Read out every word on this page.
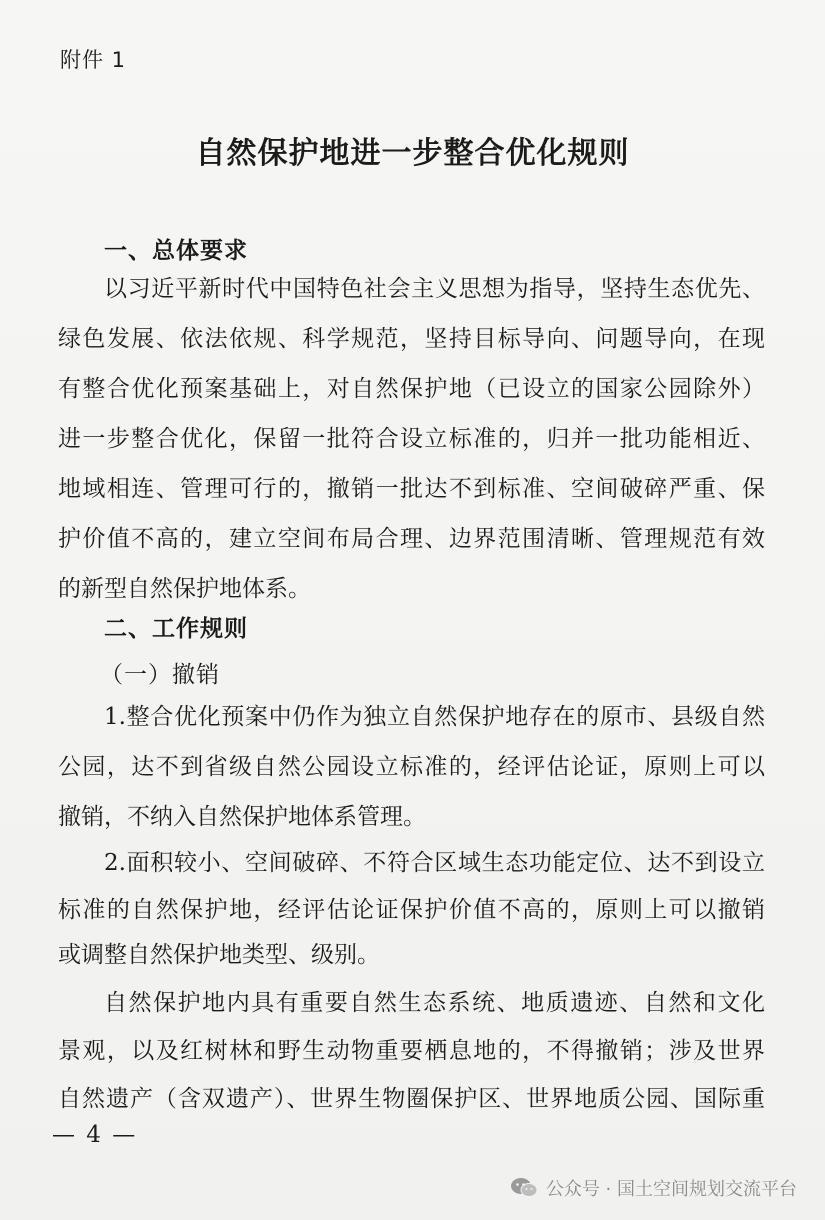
附件 1
自然保护地进一步整合优化规则
一、总体要求
以习近平新时代中国特色社会主义思想为指导，坚持生态优先、
绿色发展、依法依规、科学规范，坚持目标导向、问题导向，在现
有整合优化预案基础上，对自然保护地（已设立的国家公园除外）
进一步整合优化，保留一批符合设立标准的，归并一批功能相近、
地域相连、管理可行的，撤销一批达不到标准、空间破碎严重、保
护价值不高的，建立空间布局合理、边界范围清晰、管理规范有效
的新型自然保护地体系。
二、工作规则
（一）撤销
1.整合优化预案中仍作为独立自然保护地存在的原市、县级自然
公园，达不到省级自然公园设立标准的，经评估论证，原则上可以
撤销，不纳入自然保护地体系管理。
2.面积较小、空间破碎、不符合区域生态功能定位、达不到设立
标准的自然保护地，经评估论证保护价值不高的，原则上可以撤销
或调整自然保护地类型、级别。
自然保护地内具有重要自然生态系统、地质遗迹、自然和文化
景观，以及红树林和野生动物重要栖息地的，不得撤销；涉及世界
自然遗产（含双遗产）、世界生物圈保护区、世界地质公园、国际重
— 4 —
公众号 · 国土空间规划交流平台
